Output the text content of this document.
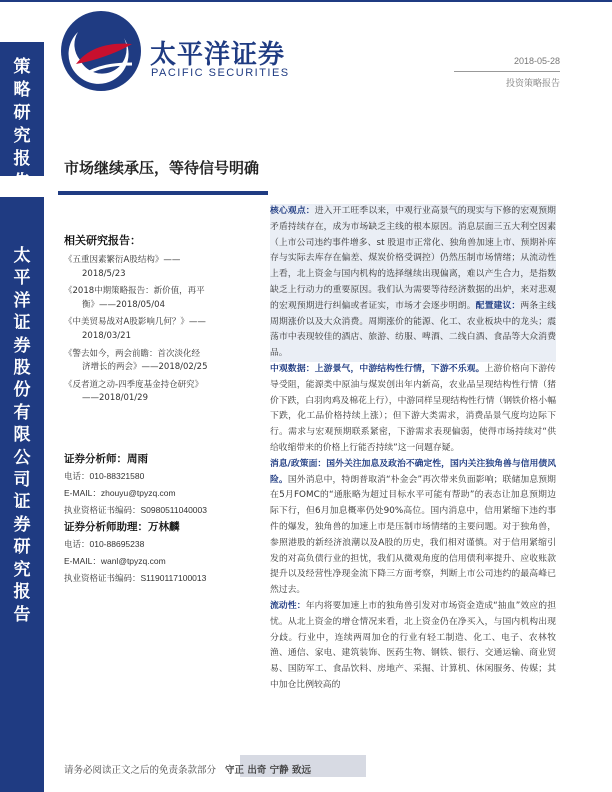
太平洋证券
PACIFIC SECURITIES
2018-05-28
投资策略报告
策
略
研
究
报
告
太
平
洋
证
券
股
份
有
限
公
司
证
券
研
究
报
告
市场继续承压，等待信号明确
相关研究报告：
《五重因素繁衍A股结构》——
2018/5/23
《2018中期策略报告：新价值，再平
衡》——2018/05/04
《中美贸易战对A股影响几何？》——
2018/03/21
《警去如今，两会前瞻：首次淡化经
济增长的两会》——2018/02/25
《反者道之动-四季度基金持仓研究》
——2018/01/29
证券分析师：周雨
电话：010-88321580
E-MAIL：zhouyu@tpyzq.com
执业资格证书编码：S0980511040003
证券分析师助理：万林麟
电话：010-88695238
E-MAIL：wanl@tpyzq.com
执业资格证书编码：S1190117100013

核心观点：进入开工旺季以来，中观行业高景气的现实与下修的宏观预期矛盾持续存在，成为市场缺乏主线的根本原因。消息层面三五大利空因素（上市公司违约事件增多、st 股退市正常化、独角兽加速上市、预期补库存与实际去库存在偏差、煤炭价格受调控）仍然压制市场情绪；从流动性上看，北上资金与国内机构的选择继续出现偏离，难以产生合力，是指数缺乏上行动力的重要原因。我们认为需要等待经济数据的出炉，来对悲观的宏观预期进行纠偏或者证实，市场才会逐步明朗。配置建议：两条主线周期涨价以及大众消费。周期涨价的能源、化工、农业板块中的龙头；震荡市中表现较佳的酒店、旅游、纺服、啤酒、二线白酒、食品等大众消费品。

中观数据：上游景气，中游结构性行情，下游不乐观。上游价格向下游传导受阻，能源类中原油与煤炭创出年内新高，农业品呈现结构性行情（猪价下跌，白羽肉鸡及棉花上行），中游同样呈现结构性行情（钢铁价格小幅下跌，化工品价格持续上涨）；但下游大类需求，消费品景气度均边际下行。需求与宏观预期联系紧密，下游需求表现偏弱，使得市场持续对“供给收缩带来的价格上行能否持续”这一问题存疑。

消息/政策面：国外关注加息及政治不确定性，国内关注独角兽与信用债风险。国外消息中，特朗普取消“朴金会”再次带来负面影响；联储加息预期在5月FOMC的“通胀略为超过目标水平可能有帮助”的表态让加息预期边际下行，但6月加息概率仍处90%高位。国内消息中，信用紧缩下违约事件的爆发，独角兽的加速上市是压制市场情绪的主要问题。对于独角兽，参照港股的新经济浪潮以及A股的历史，我们相对谨慎。对于信用紧缩引发的对高负债行业的担忧，我们从微观角度的信用债利率提升、应收账款提升以及经营性净现金流下降三方面考察，判断上市公司违约的最高峰已然过去。

流动性：年内将要加速上市的独角兽引发对市场资金造成“抽血”效应的担忧。从北上资金的增仓情况来看，北上资金仍在净买入，与国内机构出现分歧。行业中，连续两周加仓的行业有轻工制造、化工、电子、农林牧渔、通信、家电、建筑装饰、医药生物、钢铁、银行、交通运输、商业贸易、国防军工、食品饮料、房地产、采掘、计算机、休闲服务、传媒；其中加仓比例较高的

请务必阅读正文之后的免责条款部分 守正 出奇 宁静 致远
